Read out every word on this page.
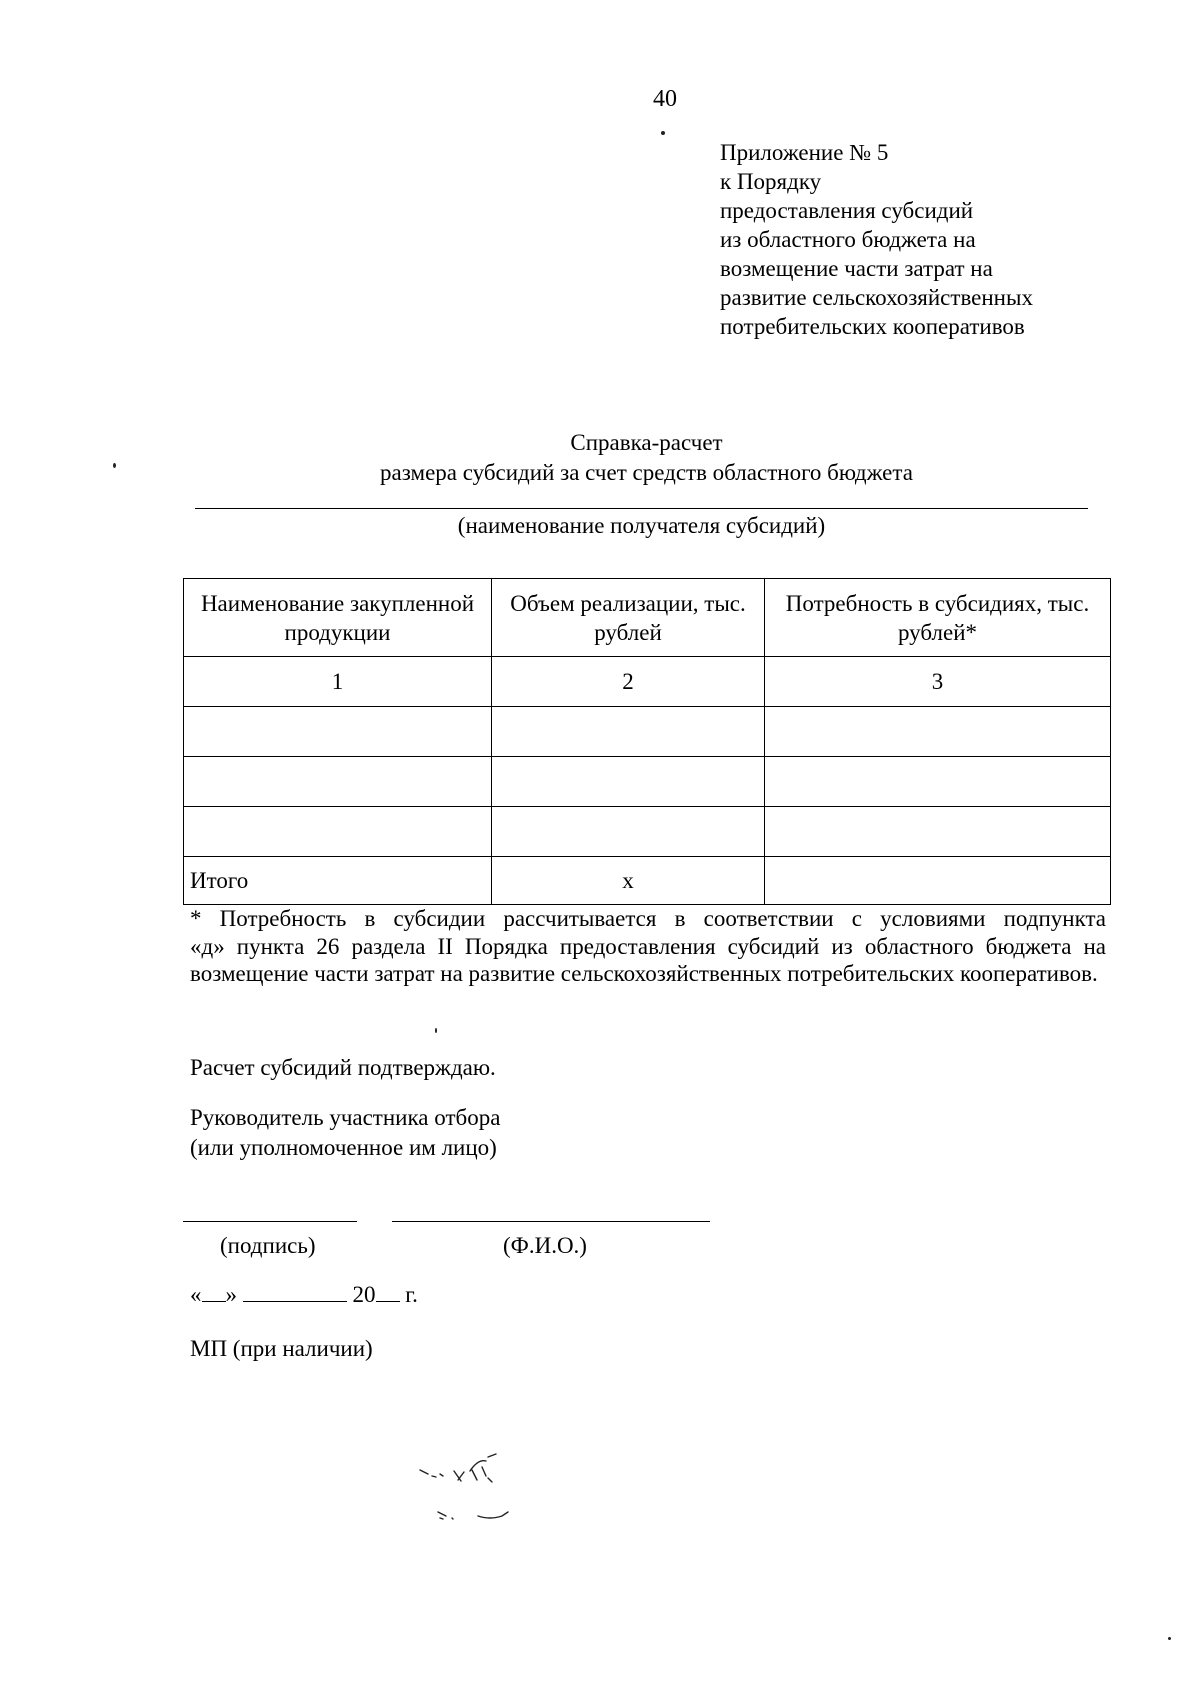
40
Приложение № 5
к Порядку
предоставления субсидий
из областного бюджета на
возмещение части затрат на
развитие сельскохозяйственных
потребительских кооперативов
Справка-расчет
размера субсидий за счет средств областного бюджета
(наименование получателя субсидий)
Наименование закупленной продукции	Объем реализации, тыс. рублей	Потребность в субсидиях, тыс. рублей*
1	2	3

Итого	x	
* Потребность в субсидии рассчитывается в соответствии с условиями подпункта
«д» пункта 26 раздела II Порядка предоставления субсидий из областного бюджета на возмещение части затрат на развитие сельскохозяйственных потребительских кооперативов.
Расчет субсидий подтверждаю.
Руководитель участника отбора
(или уполномоченное им лицо)
(подпись)	(Ф.И.О.)
« »	20 г.
МП (при наличии)
